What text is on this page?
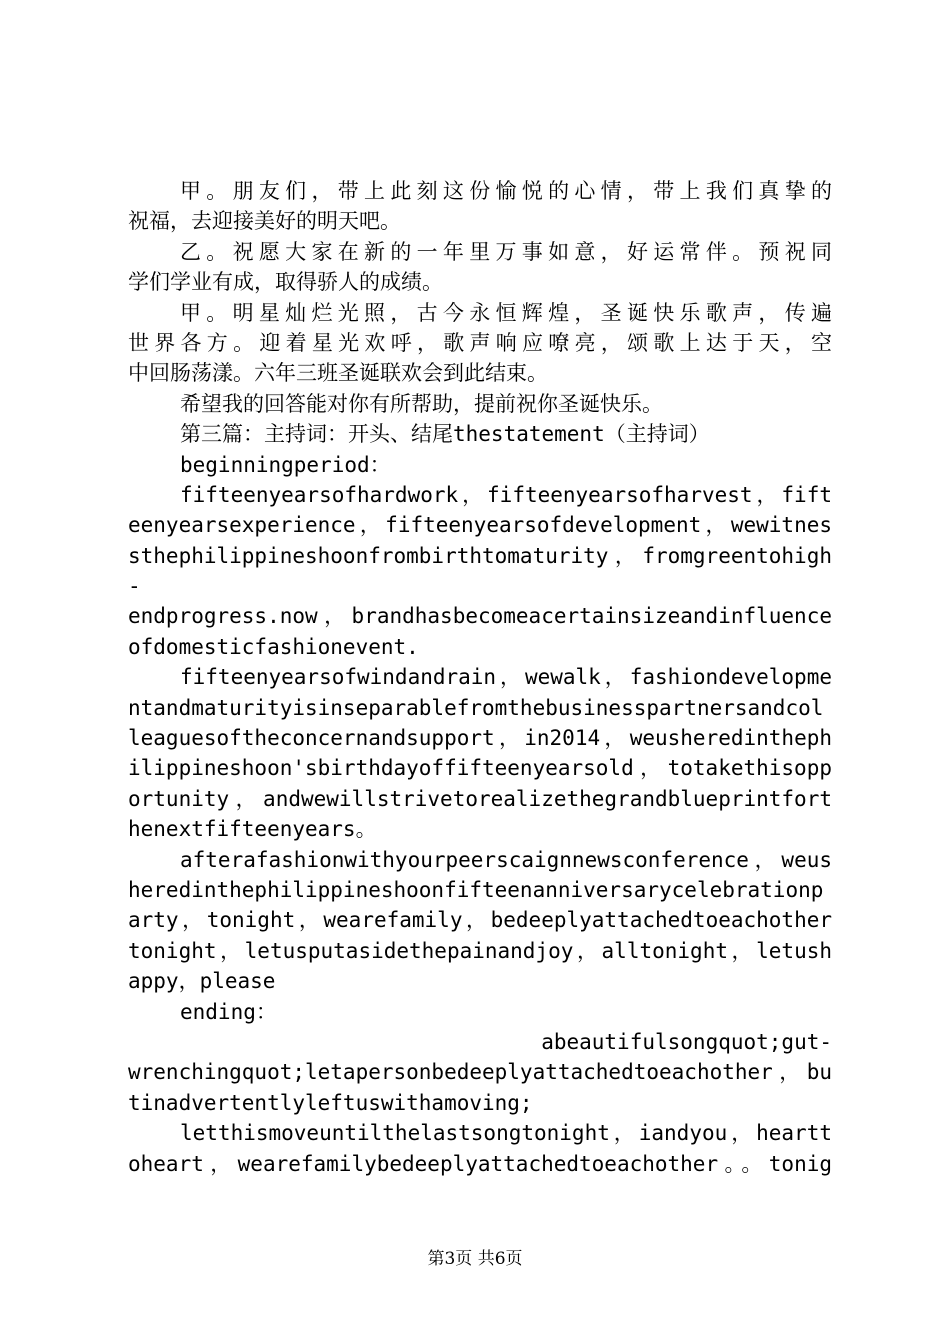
甲。朋友们，带上此刻这份愉悦的心情，带上我们真挚的
祝福，去迎接美好的明天吧。
乙。祝愿大家在新的一年里万事如意，好运常伴。预祝同
学们学业有成，取得骄人的成绩。
甲。明星灿烂光照，古今永恒辉煌，圣诞快乐歌声，传遍
世界各方。迎着星光欢呼，歌声响应嘹亮，颂歌上达于天，空
中回肠荡漾。六年三班圣诞联欢会到此结束。
希望我的回答能对你有所帮助，提前祝你圣诞快乐。
第三篇：主持词：开头、结尾thestatement（主持词）
beginningperiod：
fifteenyearsofhardwork，fifteenyearsofharvest，fift
eenyearsexperience，fifteenyearsofdevelopment，wewitnes
sthephilippineshoonfrombirthtomaturity，fromgreentohigh
-
endprogress.now，brandhasbecomeacertainsizeandinfluence
ofdomesticfashionevent.
fifteenyearsofwindandrain，wewalk，fashiondevelopme
ntandmaturityisinseparablefromthebusinesspartnersandcol
leaguesoftheconcernandsupport，in2014，weusheredintheph
ilippineshoon'sbirthdayoffifteenyearsold，totakethisopp
ortunity，andwewillstrivetorealizethegrandblueprintfort
henextfifteenyears。
afterafashionwithyourpeerscaignnewsconference，weus
heredinthephilippineshoonfifteenanniversarycelebrationp
arty，tonight，wearefamily，bedeeplyattachedtoeachother
tonight，letusputasidethepainandjoy，alltonight，letush
appy，please
ending：
abeautifulsongquot;gut-
wrenchingquot;letapersonbedeeplyattachedtoeachother，bu
tinadvertentlyleftuswithamoving;
letthismoveuntilthelastsongtonight，iandyou，heartt
oheart，wearefamilybedeeplyattachedtoeachother。。tonig
第3页 共6页
